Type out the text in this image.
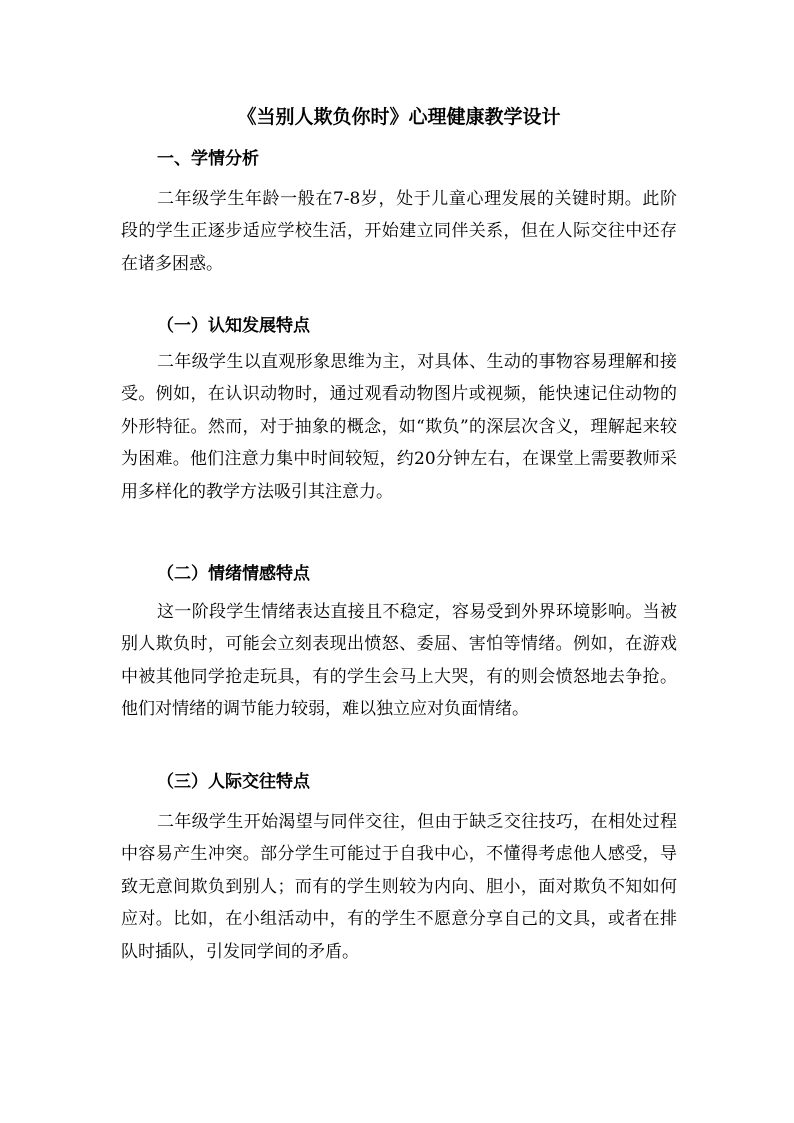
《当别人欺负你时》心理健康教学设计
一、学情分析

二年级学生年龄一般在7-8岁，处于儿童心理发展的关键时期。此阶段的学生正逐步适应学校生活，开始建立同伴关系，但在人际交往中还存在诸多困惑。

（一）认知发展特点

二年级学生以直观形象思维为主，对具体、生动的事物容易理解和接受。例如，在认识动物时，通过观看动物图片或视频，能快速记住动物的外形特征。然而，对于抽象的概念，如“欺负”的深层次含义，理解起来较为困难。他们注意力集中时间较短，约20分钟左右，在课堂上需要教师采用多样化的教学方法吸引其注意力。

（二）情绪情感特点

这一阶段学生情绪表达直接且不稳定，容易受到外界环境影响。当被别人欺负时，可能会立刻表现出愤怒、委屈、害怕等情绪。例如，在游戏中被其他同学抢走玩具，有的学生会马上大哭，有的则会愤怒地去争抢。他们对情绪的调节能力较弱，难以独立应对负面情绪。

（三）人际交往特点

二年级学生开始渴望与同伴交往，但由于缺乏交往技巧，在相处过程中容易产生冲突。部分学生可能过于自我中心，不懂得考虑他人感受，导致无意间欺负到别人；而有的学生则较为内向、胆小，面对欺负不知如何应对。比如，在小组活动中，有的学生不愿意分享自己的文具，或者在排队时插队，引发同学间的矛盾。
